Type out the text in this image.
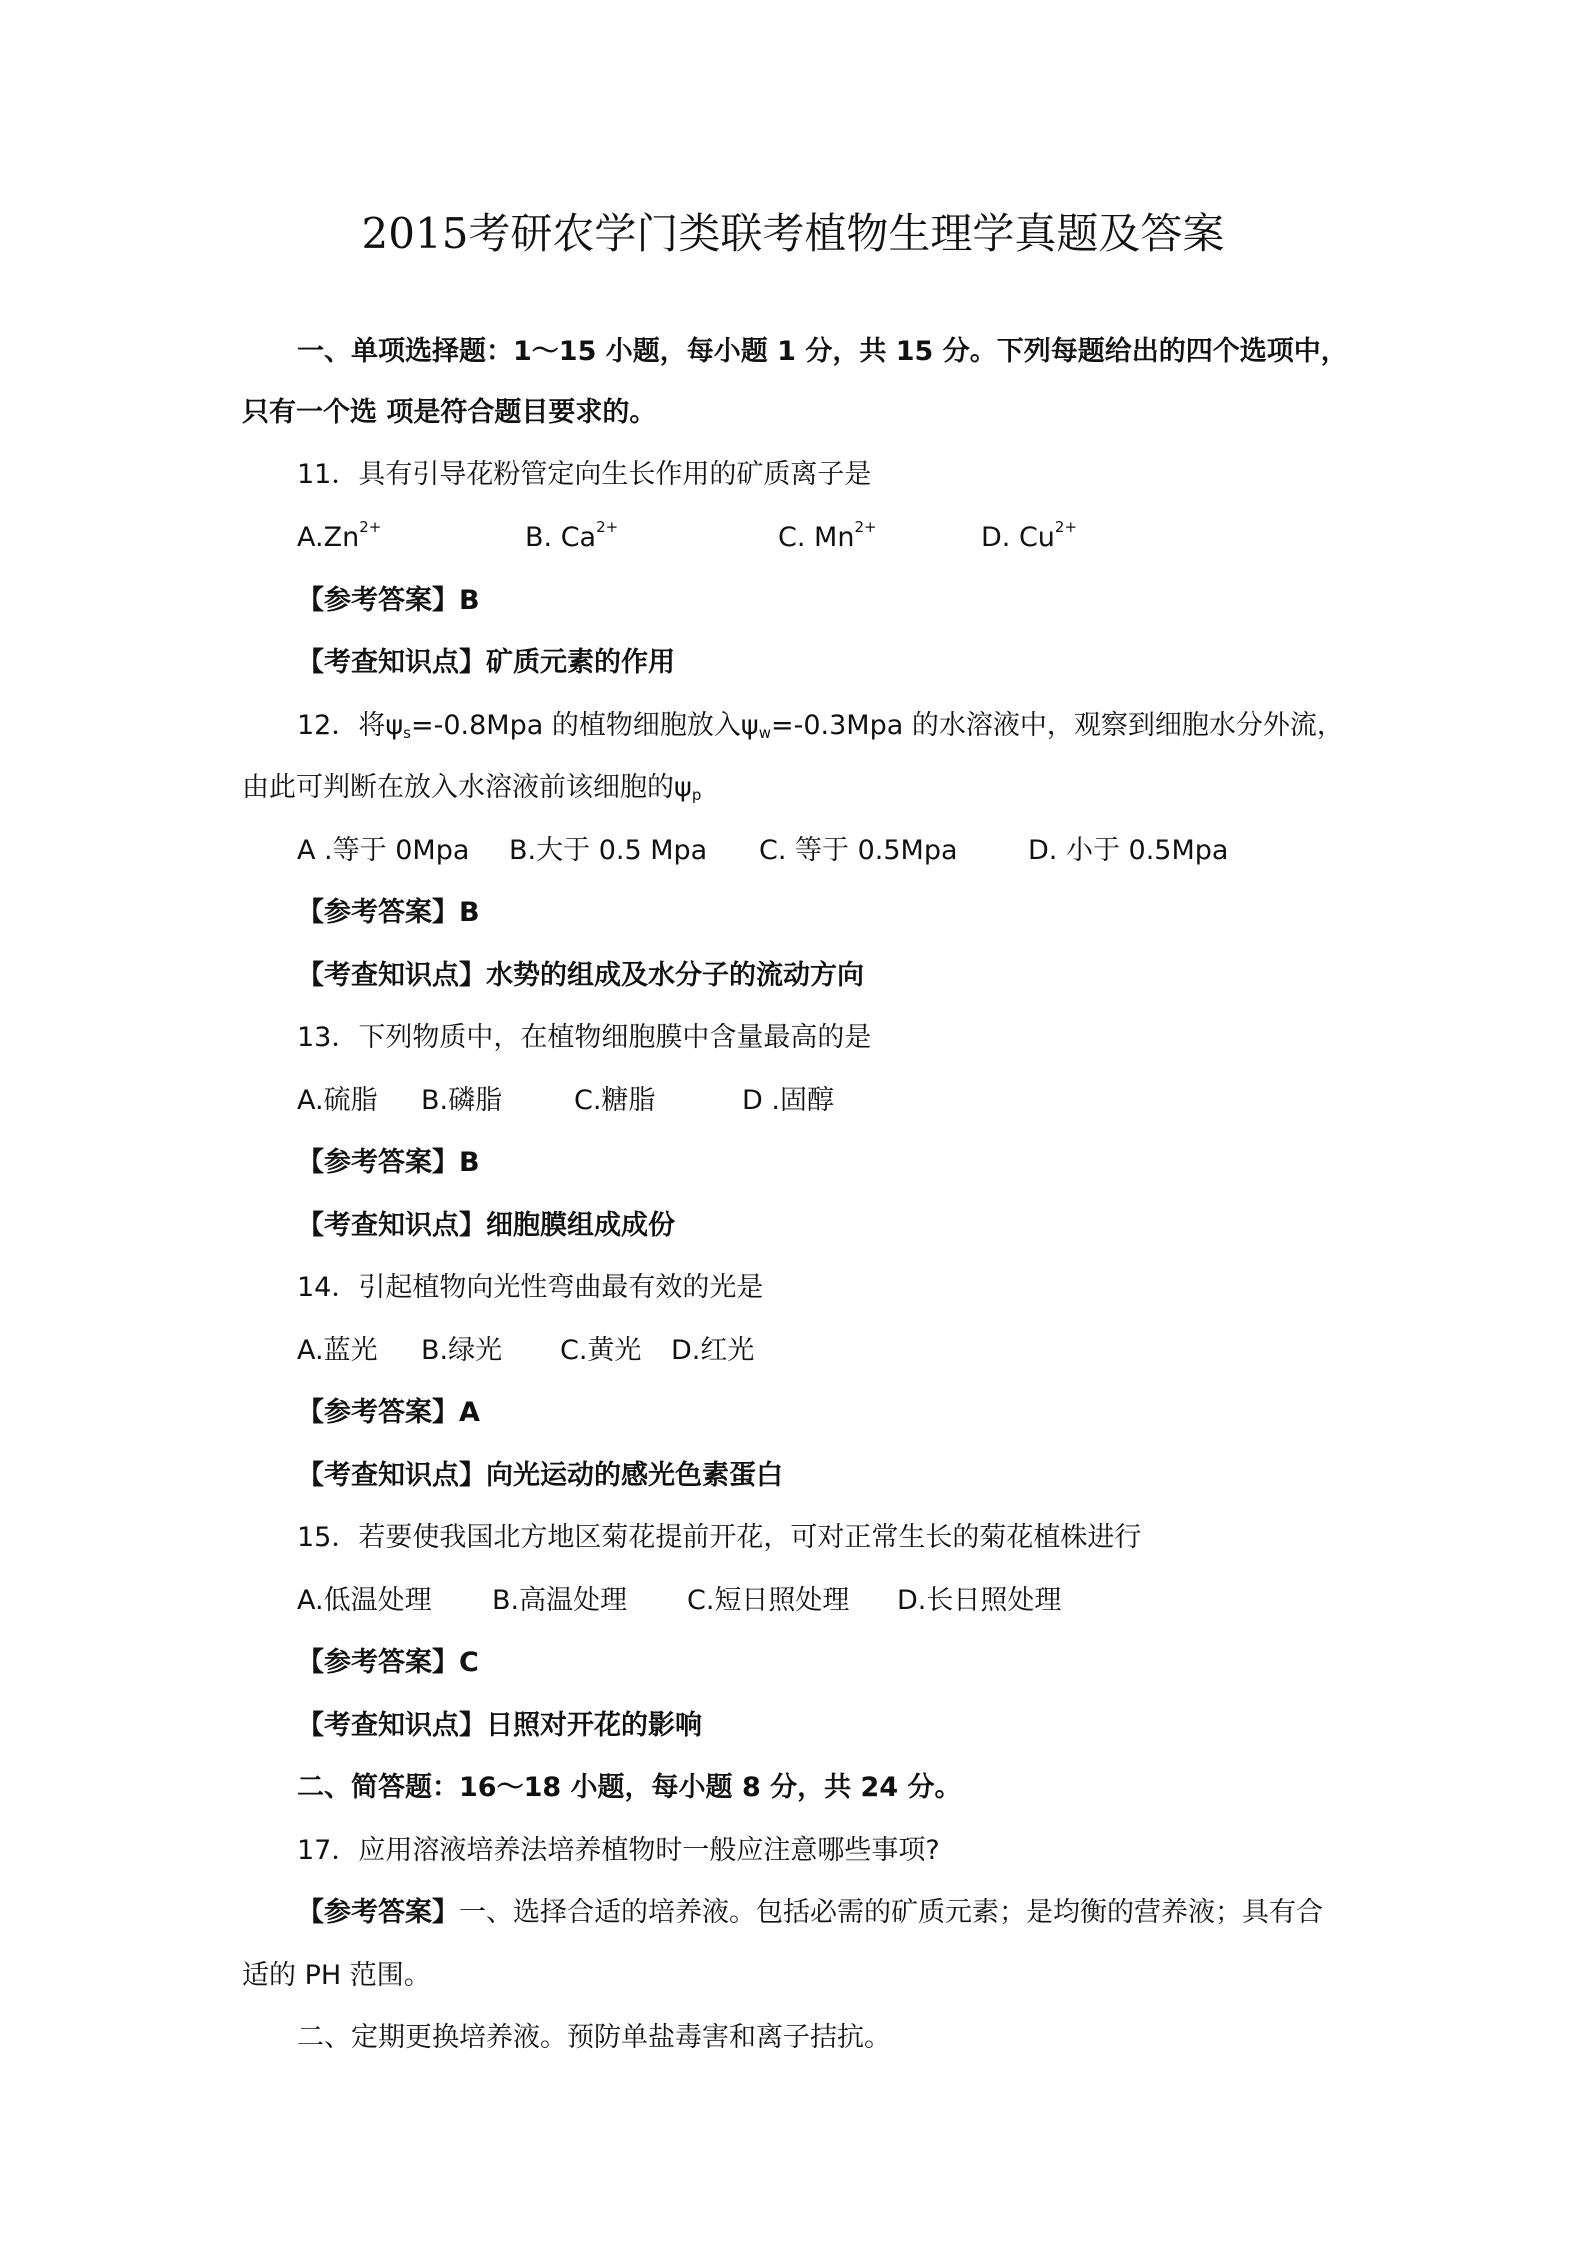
2015考研农学门类联考植物生理学真题及答案
一、单项选择题：1～15 小题，每小题 1 分，共 15 分。下列每题给出的四个选项中，
只有一个选 项是符合题目要求的。
11．具有引导花粉管定向生长作用的矿质离子是
$A.Zn^{2+}$	B. $Ca^{2+}$	C. $Mn^{2+}$	D. $Cu^{2+}$
【参考答案】B
【考查知识点】矿质元素的作用
12．将$\psi_s=-0.8Mpa$ 的植物细胞放入$\psi_w=-0.3Mpa$ 的水溶液中，观察到细胞水分外流，
由此可判断在放入水溶液前该细胞的$\psi_p$
A .等于 0Mpa B.大于 0.5 Mpa C. 等于 0.5Mpa	D. 小于 0.5Mpa
【参考答案】B
【考查知识点】水势的组成及水分子的流动方向
13．下列物质中，在植物细胞膜中含量最高的是
A.硫脂 B.磷脂	C.糖脂	D .固醇
【参考答案】B
【考查知识点】细胞膜组成成份
14．引起植物向光性弯曲最有效的光是
A.蓝光 B.绿光 C.黄光 D.红光
【参考答案】A
【考查知识点】向光运动的感光色素蛋白
15．若要使我国北方地区菊花提前开花，可对正常生长的菊花植株进行
A.低温处理 B.高温处理 C.短日照处理 D.长日照处理
【参考答案】C
【考查知识点】日照对开花的影响
二、简答题：16～18 小题，每小题 8 分，共 24 分。
17．应用溶液培养法培养植物时一般应注意哪些事项?
【参考答案】一、选择合适的培养液。包括必需的矿质元素；是均衡的营养液；具有合
适的 PH 范围。
二、定期更换培养液。预防单盐毒害和离子拮抗。
